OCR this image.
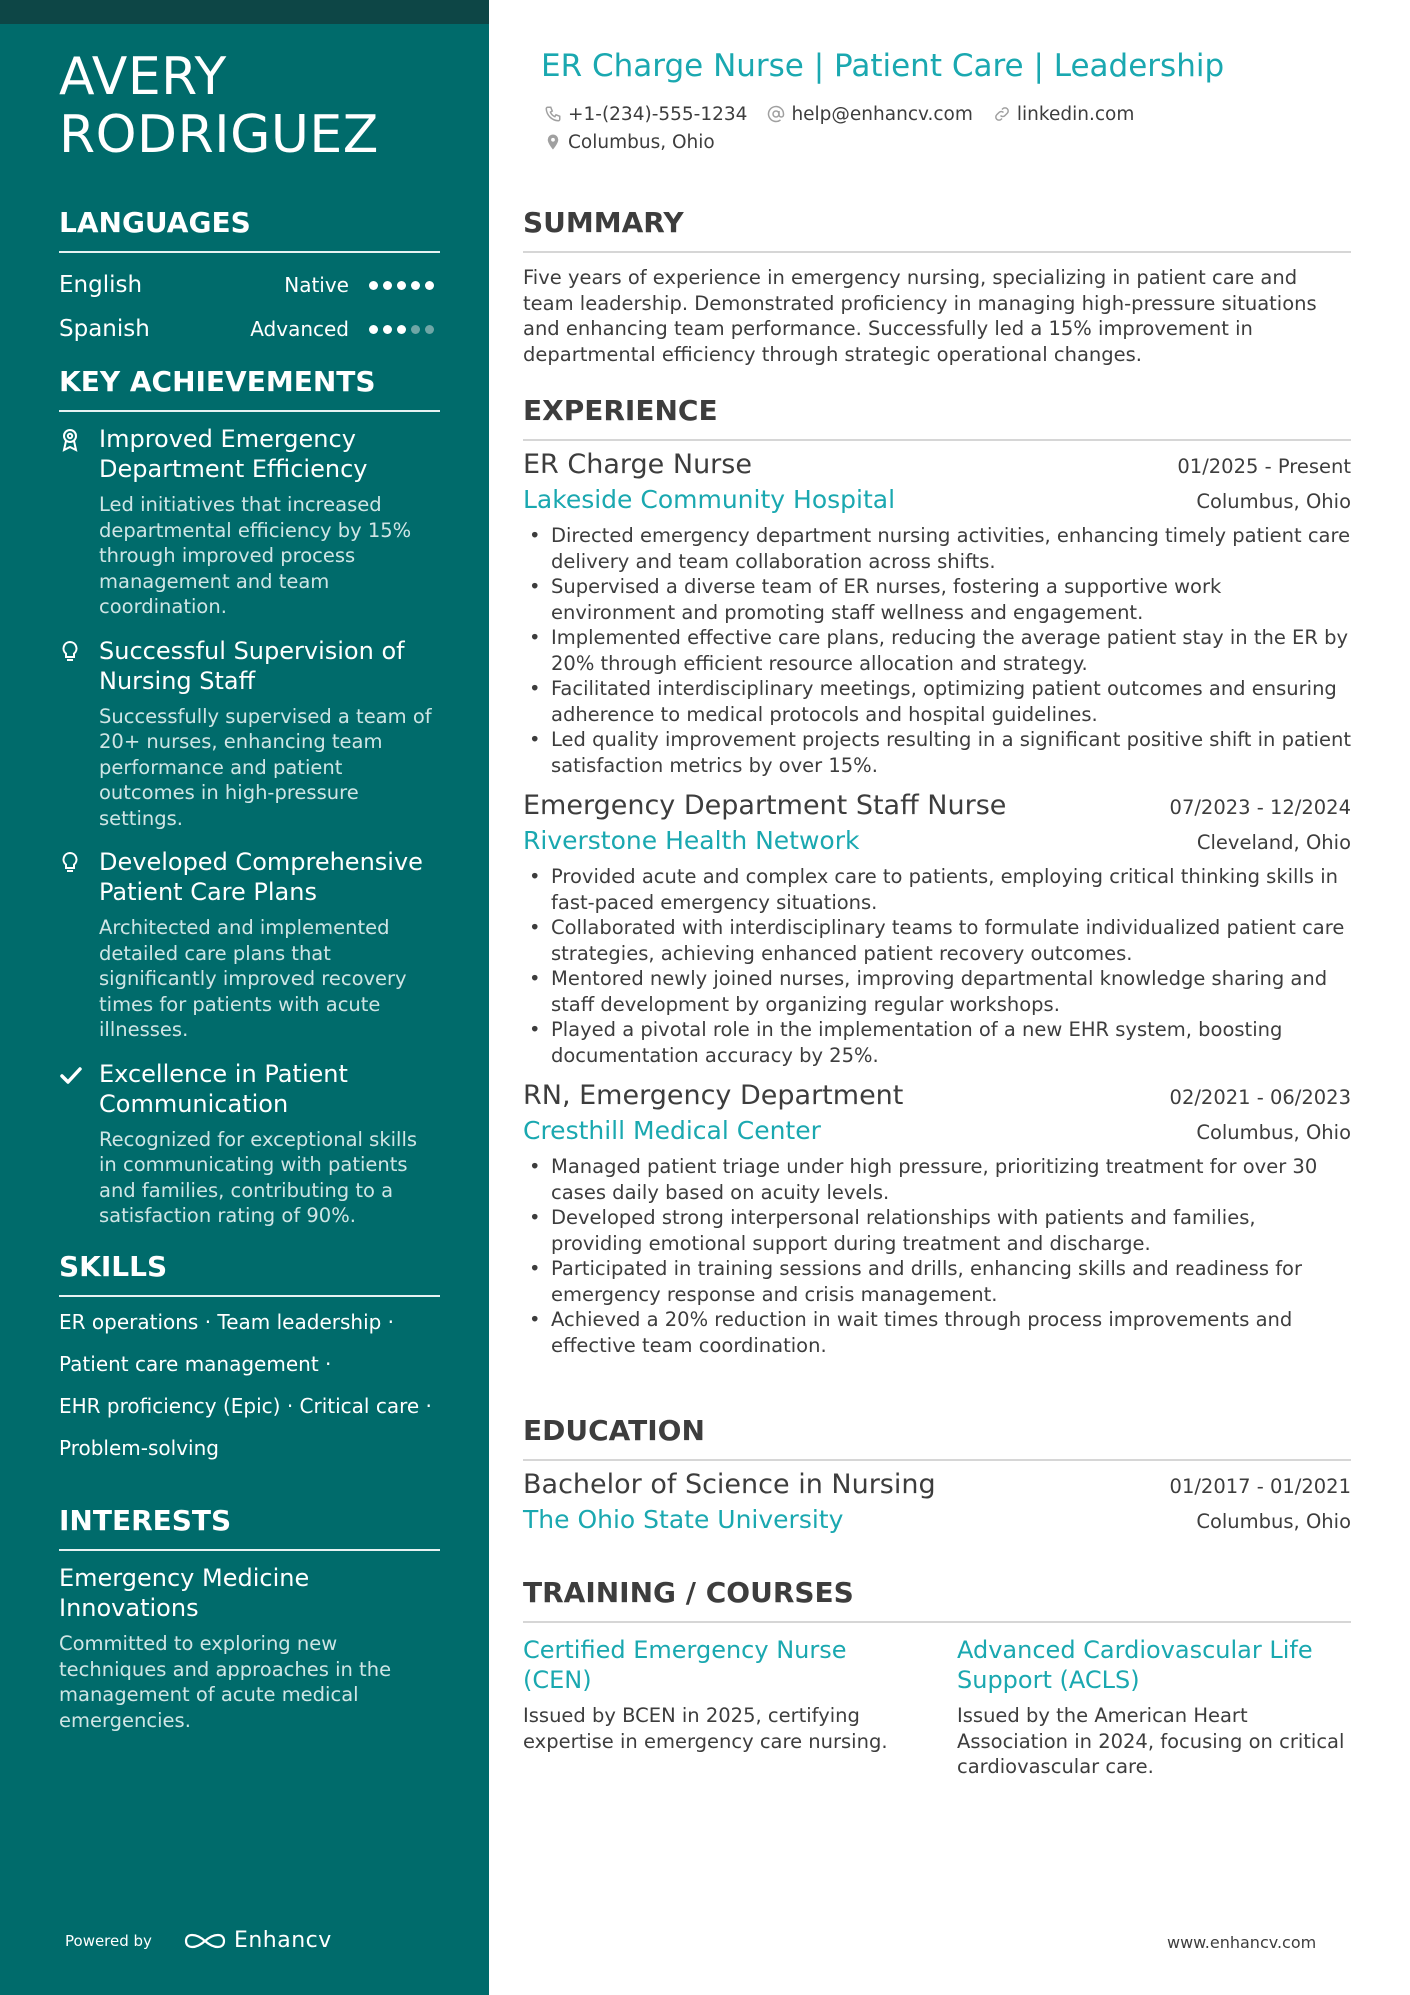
AVERY RODRIGUEZ
LANGUAGES
English	Native
Spanish	Advanced
KEY ACHIEVEMENTS
Improved Emergency Department Efficiency
Led initiatives that increased departmental efficiency by 15% through improved process management and team coordination.
Successful Supervision of Nursing Staff
Successfully supervised a team of 20+ nurses, enhancing team performance and patient outcomes in high-pressure settings.
Developed Comprehensive Patient Care Plans
Architected and implemented detailed care plans that significantly improved recovery times for patients with acute illnesses.
Excellence in Patient Communication
Recognized for exceptional skills in communicating with patients and families, contributing to a satisfaction rating of 90%.
SKILLS
ER operations · Team leadership ·
Patient care management ·
EHR proficiency (Epic) · Critical care ·
Problem-solving
INTERESTS
Emergency Medicine Innovations
Committed to exploring new techniques and approaches in the management of acute medical emergencies.
Powered by	Enhancv
ER Charge Nurse | Patient Care | Leadership
+1-(234)-555-1234 help@enhancv.com linkedin.com
Columbus, Ohio
SUMMARY

Five years of experience in emergency nursing, specializing in patient care and team leadership. Demonstrated proficiency in managing high-pressure situations and enhancing team performance. Successfully led a 15% improvement in departmental efficiency through strategic operational changes.

EXPERIENCE
ER Charge Nurse	01/2025 - Present
Lakeside Community Hospital	Columbus, Ohio
• Directed emergency department nursing activities, enhancing timely patient care delivery and team collaboration across shifts.
• Supervised a diverse team of ER nurses, fostering a supportive work environment and promoting staff wellness and engagement.
• Implemented effective care plans, reducing the average patient stay in the ER by 20% through efficient resource allocation and strategy.
• Facilitated interdisciplinary meetings, optimizing patient outcomes and ensuring adherence to medical protocols and hospital guidelines.
• Led quality improvement projects resulting in a significant positive shift in patient satisfaction metrics by over 15%.
Emergency Department Staff Nurse	07/2023 - 12/2024
Riverstone Health Network	Cleveland, Ohio
• Provided acute and complex care to patients, employing critical thinking skills in fast-paced emergency situations.
• Collaborated with interdisciplinary teams to formulate individualized patient care strategies, achieving enhanced patient recovery outcomes.
• Mentored newly joined nurses, improving departmental knowledge sharing and staff development by organizing regular workshops.
• Played a pivotal role in the implementation of a new EHR system, boosting documentation accuracy by 25%.
RN, Emergency Department	02/2021 - 06/2023
Cresthill Medical Center	Columbus, Ohio
• Managed patient triage under high pressure, prioritizing treatment for over 30 cases daily based on acuity levels.
• Developed strong interpersonal relationships with patients and families, providing emotional support during treatment and discharge.
• Participated in training sessions and drills, enhancing skills and readiness for emergency response and crisis management.
• Achieved a 20% reduction in wait times through process improvements and effective team coordination.
EDUCATION
Bachelor of Science in Nursing	01/2017 - 01/2021
The Ohio State University	Columbus, Ohio
TRAINING / COURSES
Certified Emergency Nurse (CEN)
Issued by BCEN in 2025, certifying expertise in emergency care nursing.
Advanced Cardiovascular Life Support (ACLS)
Issued by the American Heart Association in 2024, focusing on critical cardiovascular care.
www.enhancv.com
